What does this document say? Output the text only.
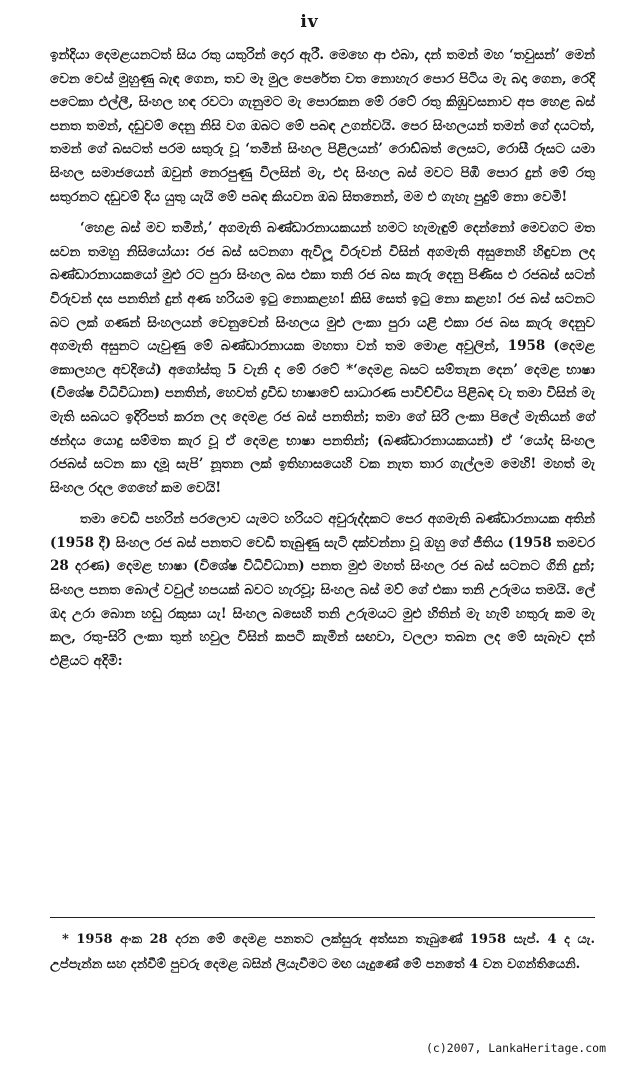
iv

ඉන්දියා දෙමළයනටත් සිය රතු යතුරින් දොර ඇරී. මෙහෙ ආ එබා, දන් තමන් මහ ‘තවුසන්’ මෙන් වෙන වෙස් මුහුණු බැඳ ගෙන, තව මෑ මුල පෙරේත වත නොහැර පොර පිටිය මැ බදා ගෙන, රෙදි පටෙකා එල්ලී, සිංහල හඳ රවටා ගැනුමට මැ පොරකන මේ රටේ රතු කිඹුවසනාව අප හෙළ බස් පනත තමන්, දඩුවම් දෙනු නිසි වග ඔබට මේ පබඳ උගන්වයි. පෙර සිංහලයන් තමන් ගේ දයටත්, තමන් ගේ බසටත් පරම සතුරු වූ ‘තමින් සිංහල පිළිලයන්’ රොඩ්බත් ලෙසට, රොසී රූසට යමා සිංහල සමාජයෙන් ඔවුන් නෙරපුණු විලසින් මැ, එද සිංහල බස් මවට පිඹි පොර දුන් මේ රතු සතුරනට දඩුවම් දිය යුතු යැයි මේ පබඳ කියවන ඔබ සිතනෙන්, මම එ ගැහැ පුදුම් නො වෙමි!

‘හෙළ බස් මව තමින්,’ අගමැති බණ්ඩාරනායකයන් හමට හැමැඳුම් දෙන්නෝ මෙවගට මත සවන තමහු නිසියෝයා: රජ බස් සටනගා ඇවිලූ විරුවන් විසින් අගමැති අසුනෙහි හිඳුවන ලද බණ්ඩාරනායකයෝ මුළු රට පුරා සිංහල බස එකා තනි රජ බස කැරු දෙනු පිණිස එ රජබස් සටන් විරුවන් දස පනතින් දුන් අණ හරියම ඉටු නොකළහ! කිසි සෙත් ඉටු නො කළහ! රජ බස් සටනට බට ලක් ගණන් සිංහලයන් වෙනුවෙන් සිංහලය මුළු ලංකා පුරා යළි එකා රජ බස කැරු දෙනුව අගමැති අසුනට යැවුණු මේ බණ්ඩාරනායක මහතා වන් තම මොළ අවුලින්, 1958 (දෙමළ කොලහල අවදියේ) අගෝස්තු 5 වැනි ද මේ රටේ *‘දෙමළ බසට සම්තැන දෙන’ දෙමළ භාෂා (විශේෂ විධිවිධාන) පනතින්, හෙවත් ද්‍රවිඩ භාෂාවේ සාධාරණ පාවිච්චිය පිළිබඳ වැ තමා විසින් මැ මැති සබයට ඉදිරිපත් කරන ලද දෙමළ රජ බස් පනතින්; තමා ගේ සිරි ලංකා පිලේ මැතියන් ගේ ඡන්දය යොදු සම්මත කැර වූ ඒ දෙමළ භාෂා පනතින්; (බණ්ඩාරනායකයන්) ඒ ‘යෝද සිංහල රජබස් සටන කා දමූ සැපි’ නූතන ලක් ඉතිහාසයෙහි වක නැත තාර ගැල්ලම මෙහි! මහත් මැ සිංහල රදල ගෙහේ කම වෙයි!

තමා වෙඩි පහරින් පරලොව යැමට හරියට අවුරුද්දකට පෙර අගමැති බණ්ඩාරනායක අතින් (1958 දී) සිංහල රජ බස් පනතට වෙඩි තැබුණු සැටි දක්වන්නා වූ ඔහු ගේ ජීතිය (1958 තමවර 28 දරණ) දෙමළ භාෂා (විශේෂ විධිවිධාන) පනත මුළු මහත් සිංහල රජ බස් සටනට ගිනි දුන්; සිංහල පනත බොල් වවුල් හපයක් බවට හැරවූ; සිංහල බස් මව් ගේ එකා තනි උරුමය තමයි. ලේ ඔද උරා බොන හඩු රකුසා යැ! සිංහල බසෙහි තනි උරුමයට මුළු හිතින් මැ හැම් හතුරු කම මැ කල, රතු-සිරි ලංකා තුන් හවුල විසින් කපටි කැමින් සඟවා, වලලා තබන ලද මේ සැබෑව දන් එළියට අදිමි:

* 1958 අංක 28 දරන මේ දෙමළ පනතට ලක්සුරු අත්සන තැබුණේ 1958 සැප්. 4 ද යැ. උප්පැන්න සහ දන්වීම් පුවරු දෙමළ බසින් ලියැවීමට මඟ යැදුණේ මේ පනතේ 4 වන වගන්තියෙනි.

(c)2007, LankaHeritage.com
